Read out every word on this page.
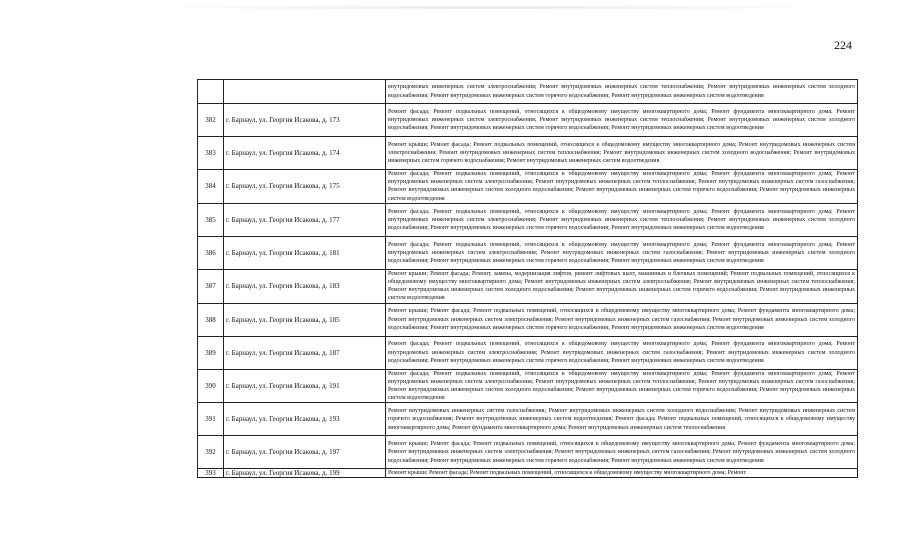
224
		внутридомовых инженерных систем электроснабжения; Ремонт внутридомовых инженерных систем теплоснабжения; Ремонт внутридомовых инженерных систем холодного водоснабжения; Ремонт внутридомовых инженерных систем горячего водоснабжения; Ремонт внутридомовых инженерных систем водоотведения
382	г. Барнаул, ул. Георгия Исакова, д. 173	Ремонт фасада; Ремонт подвальных помещений, относящихся к общедомовому имуществу многоквартирного дома; Ремонт фундамента многоквартирного дома; Ремонт внутридомовых инженерных систем электроснабжения; Ремонт внутридомовых инженерных систем теплоснабжения; Ремонт внутридомовых инженерных систем холодного водоснабжения; Ремонт внутридомовых инженерных систем горячего водоснабжения; Ремонт внутридомовых инженерных систем водоотведения
383	г. Барнаул, ул. Георгия Исакова, д. 174	Ремонт крыши; Ремонт фасада; Ремонт подвальных помещений, относящихся к общедомовому имуществу многоквартирного дома; Ремонт внутридомовых инженерных систем электроснабжения; Ремонт внутридомовых инженерных систем теплоснабжения; Ремонт внутридомовых инженерных систем холодного водоснабжения; Ремонт внутридомовых инженерных систем горячего водоснабжения; Ремонт внутридомовых инженерных систем водоотведения
384	г. Барнаул, ул. Георгия Исакова, д. 175	Ремонт фасада; Ремонт подвальных помещений, относящихся к общедомовому имуществу многоквартирного дома; Ремонт фундамента многоквартирного дома; Ремонт внутридомовых инженерных систем электроснабжения; Ремонт внутридомовых инженерных систем теплоснабжения; Ремонт внутридомовых инженерных систем газоснабжения; Ремонт внутридомовых инженерных систем холодного водоснабжения; Ремонт внутридомовых инженерных систем горячего водоснабжения; Ремонт внутридомовых инженерных систем водоотведения
385	г. Барнаул, ул. Георгия Исакова, д. 177	Ремонт фасада; Ремонт подвальных помещений, относящихся к общедомовому имуществу многоквартирного дома; Ремонт фундамента многоквартирного дома; Ремонт внутридомовых инженерных систем электроснабжения; Ремонт внутридомовых инженерных систем теплоснабжения; Ремонт внутридомовых инженерных систем холодного водоснабжения; Ремонт внутридомовых инженерных систем горячего водоснабжения; Ремонт внутридомовых инженерных систем водоотведения
386	г. Барнаул, ул. Георгия Исакова, д. 181	Ремонт фасада; Ремонт подвальных помещений, относящихся к общедомовому имуществу многоквартирного дома; Ремонт фундамента многоквартирного дома; Ремонт внутридомовых инженерных систем электроснабжения; Ремонт внутридомовых инженерных систем газоснабжения; Ремонт внутридомовых инженерных систем холодного водоснабжения; Ремонт внутридомовых инженерных систем горячего водоснабжения; Ремонт внутридомовых инженерных систем водоотведения
387	г. Барнаул, ул. Георгия Исакова, д. 183	Ремонт крыши; Ремонт фасада; Ремонт, замена, модернизация лифтов, ремонт лифтовых шахт, машинных и блочных помещений; Ремонт подвальных помещений, относящихся к общедомовому имуществу многоквартирного дома; Ремонт внутридомовых инженерных систем электроснабжения; Ремонт внутридомовых инженерных систем теплоснабжения; Ремонт внутридомовых инженерных систем холодного водоснабжения; Ремонт внутридомовых инженерных систем горячего водоснабжения; Ремонт внутридомовых инженерных систем водоотведения
388	г. Барнаул, ул. Георгия Исакова, д. 185	Ремонт крыши; Ремонт фасада; Ремонт подвальных помещений, относящихся к общедомовому имуществу многоквартирного дома; Ремонт фундамента многоквартирного дома; Ремонт внутридомовых инженерных систем электроснабжения; Ремонт внутридомовых инженерных систем газоснабжения; Ремонт внутридомовых инженерных систем холодного водоснабжения; Ремонт внутридомовых инженерных систем горячего водоснабжения; Ремонт внутридомовых инженерных систем водоотведения
389	г. Барнаул, ул. Георгия Исакова, д. 187	Ремонт фасада; Ремонт подвальных помещений, относящихся к общедомовому имуществу многоквартирного дома; Ремонт фундамента многоквартирного дома; Ремонт внутридомовых инженерных систем электроснабжения; Ремонт внутридомовых инженерных систем газоснабжения; Ремонт внутридомовых инженерных систем холодного водоснабжения; Ремонт внутридомовых инженерных систем горячего водоснабжения; Ремонт внутридомовых инженерных систем водоотведения
390	г. Барнаул, ул. Георгия Исакова, д. 191	Ремонт фасада; Ремонт подвальных помещений, относящихся к общедомовому имуществу многоквартирного дома; Ремонт фундамента многоквартирного дома; Ремонт внутридомовых инженерных систем электроснабжения; Ремонт внутридомовых инженерных систем теплоснабжения; Ремонт внутридомовых инженерных систем газоснабжения; Ремонт внутридомовых инженерных систем холодного водоснабжения; Ремонт внутридомовых инженерных систем горячего водоснабжения; Ремонт внутридомовых инженерных систем водоотведения
391	г. Барнаул, ул. Георгия Исакова, д. 193	Ремонт внутридомовых инженерных систем газоснабжения; Ремонт внутридомовых инженерных систем холодного водоснабжения; Ремонт внутридомовых инженерных систем горячего водоснабжения; Ремонт внутридомовых инженерных систем водоотведения; Ремонт фасада; Ремонт подвальных помещений, относящихся к общедомовому имуществу многоквартирного дома; Ремонт фундамента многоквартирного дома; Ремонт внутридомовых инженерных систем теплоснабжения
392	г. Барнаул, ул. Георгия Исакова, д. 197	Ремонт крыши; Ремонт фасада; Ремонт подвальных помещений, относящихся к общедомовому имуществу многоквартирного дома; Ремонт фундамента многоквартирного дома; Ремонт внутридомовых инженерных систем электроснабжения; Ремонт внутридомовых инженерных систем газоснабжения; Ремонт внутридомовых инженерных систем холодного водоснабжения; Ремонт внутридомовых инженерных систем горячего водоснабжения; Ремонт внутридомовых инженерных систем водоотведения
393	г. Барнаул, ул. Георгия Исакова, д. 199	Ремонт крыши; Ремонт фасада; Ремонт подвальных помещений, относящихся к общедомовому имуществу многоквартирного дома; Ремонт
